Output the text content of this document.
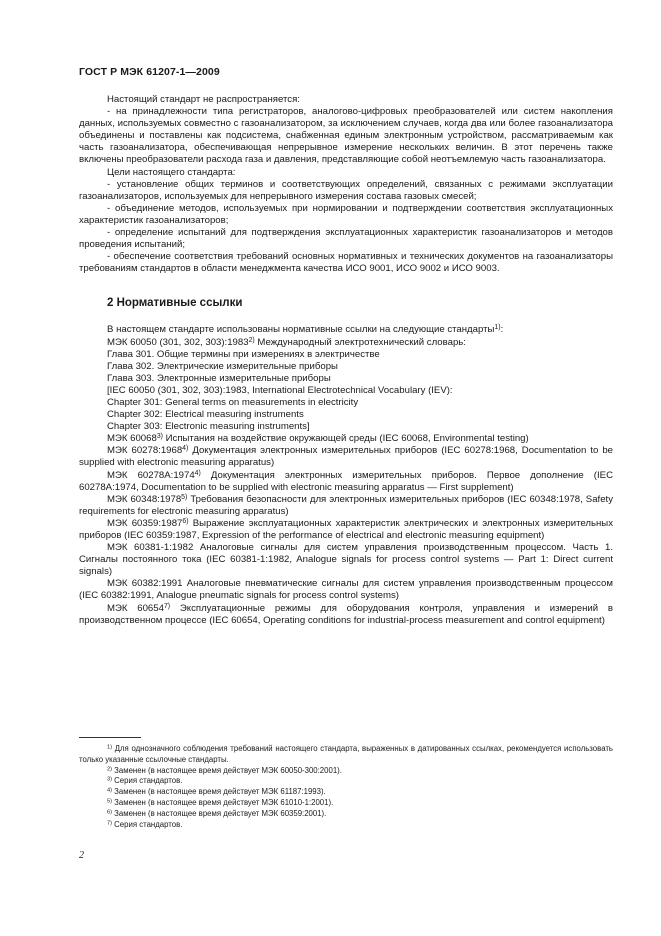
ГОСТ Р МЭК 61207-1—2009

Настоящий стандарт не распространяется:

- на принадлежности типа регистраторов, аналогово-цифровых преобразователей или систем накопления данных, используемых совместно с газоанализатором, за исключением случаев, когда два или более газоанализатора объединены и поставлены как подсистема, снабженная единым электронным устройством, рассматриваемым как часть газоанализатора, обеспечивающая непрерывное измерение нескольких величин. В этот перечень также включены преобразователи расхода газа и давления, представляющие собой неотъемлемую часть газоанализатора.

Цели настоящего стандарта:

- установление общих терминов и соответствующих определений, связанных с режимами эксплуатации газоанализаторов, используемых для непрерывного измерения состава газовых смесей;

- объединение методов, используемых при нормировании и подтверждении соответствия эксплуатационных характеристик газоанализаторов;

- определение испытаний для подтверждения эксплуатационных характеристик газоанализаторов и методов проведения испытаний;

- обеспечение соответствия требований основных нормативных и технических документов на газоанализаторы требованиям стандартов в области менеджмента качества ИСО 9001, ИСО 9002 и ИСО 9003.

2 Нормативные ссылки

В настоящем стандарте использованы нормативные ссылки на следующие стандарты$^{1)}$:

МЭК 60050 (301, 302, 303):1983$^{2)}$ Международный электротехнический словарь:

Глава 301. Общие термины при измерениях в электричестве

Глава 302. Электрические измерительные приборы

Глава 303. Электронные измерительные приборы

[IEC 60050 (301, 302, 303):1983, International Electrotechnical Vocabulary (IEV):

Chapter 301: General terms on measurements in electricity

Chapter 302: Electrical measuring instruments

Chapter 303: Electronic measuring instruments]

МЭК 60068$^{3)}$ Испытания на воздействие окружающей среды (IEC 60068, Environmental testing)

МЭК 60278:1968$^{4)}$ Документация электронных измерительных приборов (IEC 60278:1968, Documentation to be supplied with electronic measuring apparatus)

МЭК 60278A:1974$^{4)}$ Документация электронных измерительных приборов. Первое дополнение (IEC 60278A:1974, Documentation to be supplied with electronic measuring apparatus — First supplement)

МЭК 60348:1978$^{5)}$ Требования безопасности для электронных измерительных приборов (IEC 60348:1978, Safety requirements for electronic measuring apparatus)

МЭК 60359:1987$^{6)}$ Выражение эксплуатационных характеристик электрических и электронных измерительных приборов (IEC 60359:1987, Expression of the performance of electrical and electronic measuring equipment)

МЭК 60381-1:1982 Аналоговые сигналы для систем управления производственным процессом. Часть 1. Сигналы постоянного тока (IEC 60381-1:1982, Analogue signals for process control systems — Part 1: Direct current signals)

МЭК 60382:1991 Аналоговые пневматические сигналы для систем управления производственным процессом (IEC 60382:1991, Analogue pneumatic signals for process control systems)

МЭК 60654$^{7)}$ Эксплуатационные режимы для оборудования контроля, управления и измерений в производственном процессе (IEC 60654, Operating conditions for industrial-process measurement and control equipment)

$^{1)}$ Для однозначного соблюдения требований настоящего стандарта, выраженных в датированных ссылках, рекомендуется использовать только указанные ссылочные стандарты.

$^{2)}$ Заменен (в настоящее время действует МЭК 60050-300:2001).

$^{3)}$ Серия стандартов.

$^{4)}$ Заменен (в настоящее время действует МЭК 61187:1993).

$^{5)}$ Заменен (в настоящее время действует МЭК 61010-1:2001).

$^{6)}$ Заменен (в настоящее время действует МЭК 60359:2001).

$^{7)}$ Серия стандартов.

2
